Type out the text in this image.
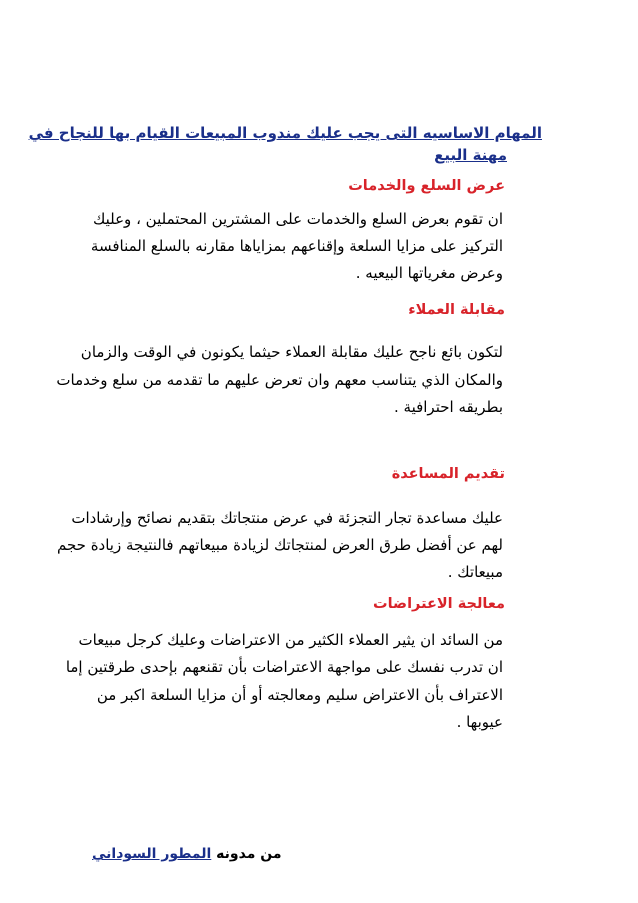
المهام الاساسيه التى يجب عليك مندوب المبيعات القيام بها للنجاح في

مهنة البيع

عرض السلع والخدمات

ان تقوم بعرض السلع والخدمات على المشترين المحتملين ، وعليك

التركيز على مزايا السلعة وإقناعهم بمزاياها مقارنه بالسلع المنافسة

وعرض مغرياتها البيعيه .

مقابلة العملاء

لتكون بائع ناجح عليك مقابلة العملاء حيثما يكونون في الوقت والزمان

والمكان الذي يتناسب معهم وان تعرض عليهم ما تقدمه من سلع وخدمات

بطريقه احترافية .

تقديم المساعدة

عليك مساعدة تجار التجزئة في عرض منتجاتك بتقديم نصائح وإرشادات

لهم عن أفضل طرق العرض لمنتجاتك لزيادة مبيعاتهم فالنتيجة زيادة حجم

مبيعاتك .

معالجة الاعتراضات

من السائد ان يثير العملاء الكثير من الاعتراضات وعليك كرجل مبيعات

ان تدرب نفسك على مواجهة الاعتراضات بأن تقنعهم بإحدى طرقتين إما

الاعتراف بأن الاعتراض سليم ومعالجته أو أن مزايا السلعة اكبر من

عيوبها .

من مدونه المطور السوداني
